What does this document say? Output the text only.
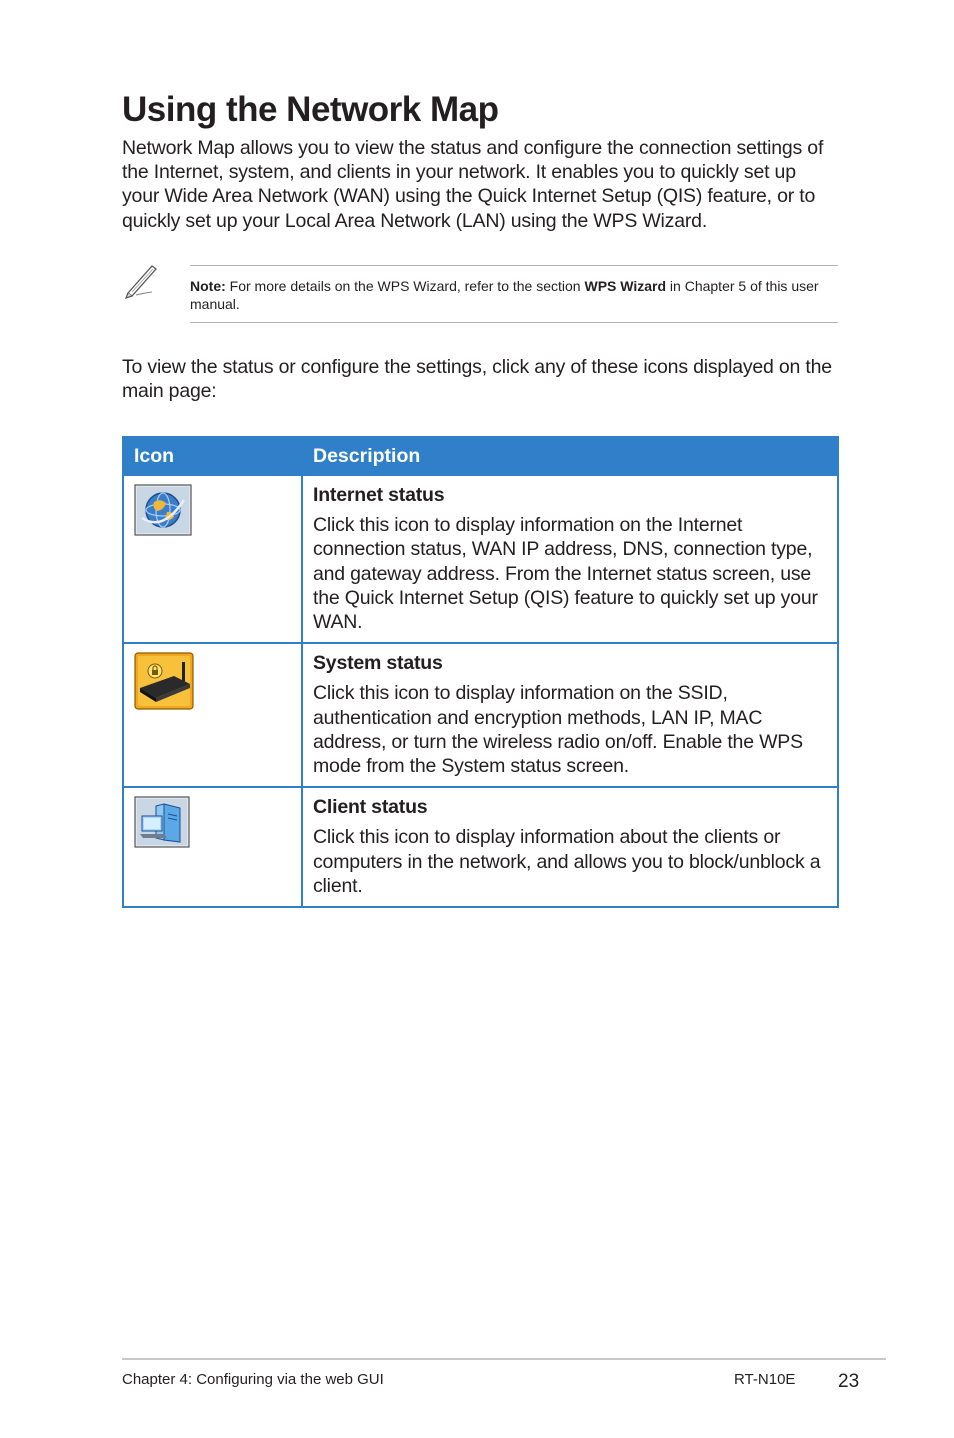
Using the Network Map
Network Map allows you to view the status and configure the connection settings of the Internet, system, and clients in your network. It enables you to quickly set up your Wide Area Network (WAN) using the Quick Internet Setup (QIS) feature, or to quickly set up your Local Area Network (LAN) using the WPS Wizard.
Note: For more details on the WPS Wizard, refer to the section WPS Wizard in Chapter 5 of this user manual.
To view the status or configure the settings, click any of these icons displayed on the main page:
Icon	Description

Internet status
Click this icon to display information on the Internet connection status, WAN IP address, DNS, connection type, and gateway address. From the Internet status screen, use the Quick Internet Setup (QIS) feature to quickly set up your WAN.

System status
Click this icon to display information on the SSID, authentication and encryption methods, LAN IP, MAC address, or turn the wireless radio on/off. Enable the WPS mode from the System status screen.

Client status
Click this icon to display information about the clients or computers in the network, and allows you to block/unblock a client.
Chapter 4: Configuring via the web GUI	RT-N10E 23
